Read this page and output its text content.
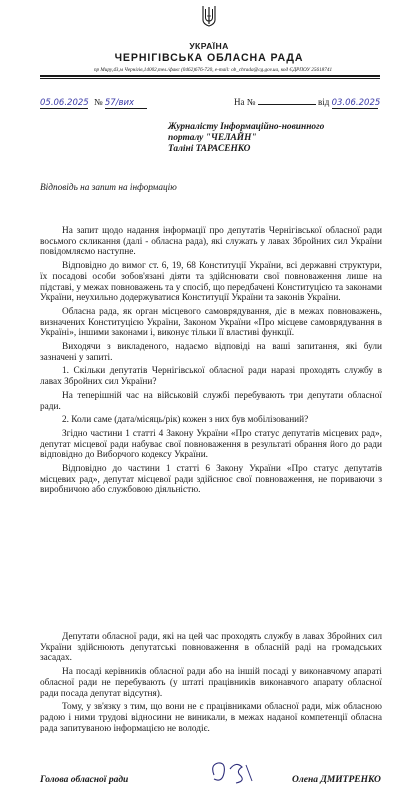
УКРАЇНА
ЧЕРНІГІВСЬКА ОБЛАСНА РАДА
пр Миру,43,м Чернігів,14002,тел./факс (0462)676-720, e-mail: ob_chrada@cg.gov.ua, код ЄДРПОУ 25618741
05.06.2025 № 57/вих	На №	від 03.06.2025
Журналісту Інформаційно-новинного
порталу "ЧЕЛАЙН"
Таліні ТАРАСЕНКО
Відповідь на запит на інформацію

На запит щодо надання інформації про депутатів Чернігівської обласної ради восьмого скликання (далі - обласна рада), які служать у лавах Збройних сил України повідомляємо наступне.

Відповідно до вимог ст. 6, 19, 68 Конституції України, всі державні структури, їх посадові особи зобов'язані діяти та здійснювати свої повноваження лише на підставі, у межах повноважень та у спосіб, що передбачені Конституцією та законами України, неухильно додержуватися Конституції України та законів України.

Обласна рада, як орган місцевого самоврядування, діє в межах повноважень, визначених Конституцією України, Законом України «Про місцеве самоврядування в Україні», іншими законами і, виконує тільки її властиві функції.

Виходячи з викладеного, надаємо відповіді на ваші запитання, які були зазначені у запиті.

1. Скільки депутатів Чернігівської обласної ради наразі проходять службу в лавах Збройних сил України?

На теперішній час на військовій службі перебувають три депутати обласної ради.

2. Коли саме (дата/місяць/рік) кожен з них був мобілізований?

Згідно частини 1 статті 4 Закону України «Про статус депутатів місцевих рад», депутат місцевої ради набуває свої повноваження в результаті обрання його до ради відповідно до Виборчого кодексу України.

Відповідно до частини 1 статті 6 Закону України «Про статус депутатів місцевих рад», депутат місцевої ради здійснює свої повноваження, не пориваючи з виробничою або службовою діяльністю.

Депутати обласної ради, які на цей час проходять службу в лавах Збройних сил України здійснюють депутатські повноваження в обласній раді на громадських засадах.

На посаді керівників обласної ради або на іншій посаді у виконавчому апараті обласної ради не перебувають (у штаті працівників виконавчого апарату обласної ради посада депутат відсутня).

Тому, у зв'язку з тим, що вони не є працівниками обласної ради, між обласною радою і ними трудові відносини не виникали, в межах наданої компетенції обласна рада запитуваною інформацією не володіє.

Голова обласної ради	Олена ДМИТРЕНКО
